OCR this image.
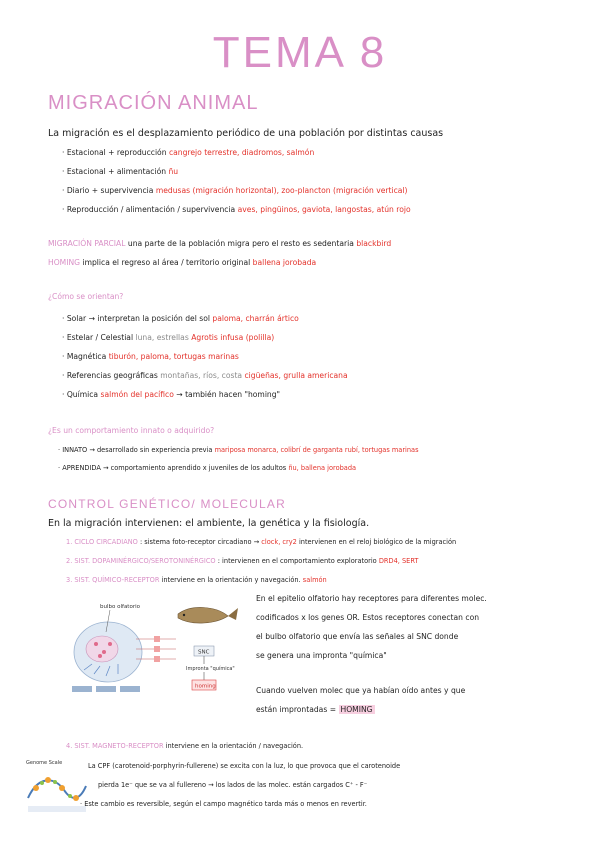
TEMA 8
MIGRACIÓN ANIMAL
La migración es el desplazamiento periódico de una población por distintas causas
· Estacional + reproducción cangrejo terrestre, diadromos, salmón
· Estacional + alimentación ñu
· Diario + supervivencia medusas (migración horizontal), zoo-plancton (migración vertical)
· Reproducción / alimentación / supervivencia aves, pingüinos, gaviota, langostas, atún rojo
MIGRACIÓN PARCIAL una parte de la población migra pero el resto es sedentaria blackbird
HOMING implica el regreso al área / territorio original ballena jorobada
¿Cómo se orientan?
· Solar → interpretan la posición del sol paloma, charrán ártico
· Estelar / Celestial luna, estrellas Agrotis infusa (polilla)
· Magnética tiburón, paloma, tortugas marinas
· Referencias geográficas montañas, ríos, costa cigüeñas, grulla americana
· Química salmón del pacífico → también hacen "homing"
¿Es un comportamiento innato o adquirido?
· INNATO → desarrollado sin experiencia previa mariposa monarca, colibrí de garganta rubí, tortugas marinas
· APRENDIDA → comportamiento aprendido x juveniles de los adultos ñu, ballena jorobada
CONTROL GENÉTICO/ MOLECULAR
En la migración intervienen: el ambiente, la genética y la fisiología.
1. CICLO CIRCADIANO : sistema foto-receptor circadiano → clock, cry2 intervienen en el reloj biológico de la migración
2. SIST. DOPAMINÉRGICO/SEROTONINÉRGICO : intervienen en el comportamiento exploratorio DRD4, SERT
3. SIST. QUÍMICO-RECEPTOR interviene en la orientación y navegación. salmón
SNC
Impronta "química"
homing
bulbo olfatorio
En el epitelio olfatorio hay receptores para diferentes molec.
codificados x los genes OR. Estos receptores conectan con
el bulbo olfatorio que envía las señales al SNC donde
se genera una impronta "química"
Cuando vuelven molec que ya habían oído antes y que
están improntadas = HOMING
4. SIST. MAGNETO-RECEPTOR interviene en la orientación / navegación.
Genome Scale	La CPF (carotenoid-porphyrin-fullerene) se excita con la luz, lo que provoca que el carotenoide
pierda 1e⁻ que se va al fullereno → los lados de las molec. están cargados C⁺ - F⁻
· Este cambio es reversible, según el campo magnético tarda más o menos en revertir.
